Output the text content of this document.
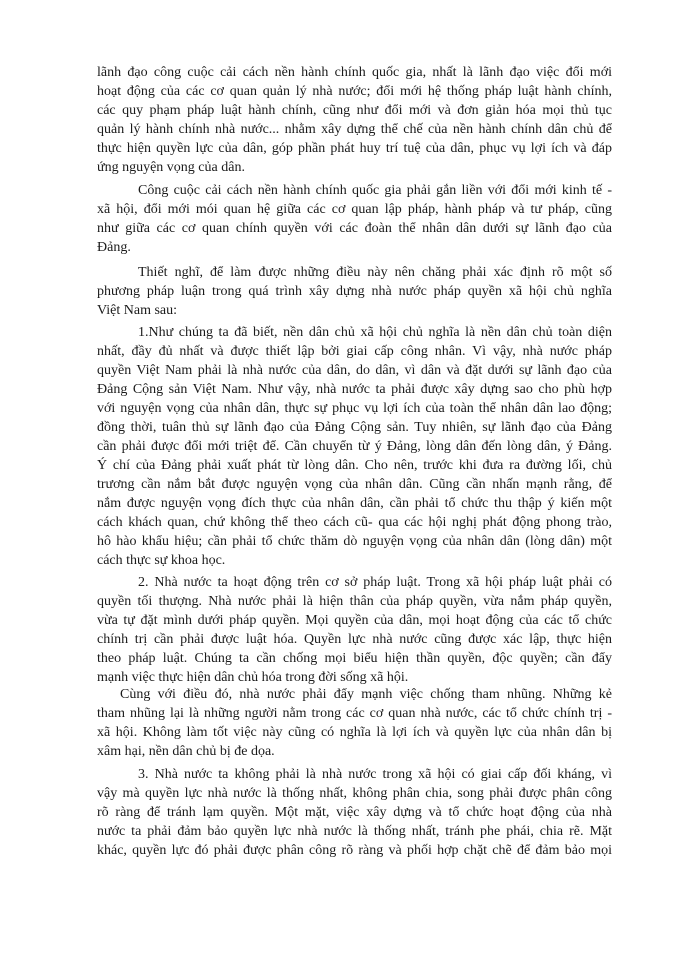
lãnh đạo công cuộc cải cách nền hành chính quốc gia, nhất là lãnh đạo việc đổi mới
hoạt động của các cơ quan quản lý nhà nước; đổi mới hệ thống pháp luật hành chính,
các quy phạm pháp luật hành chính, cũng như đổi mới và đơn giản hóa mọi thủ tục
quản lý hành chính nhà nước... nhằm xây dựng thể chế của nền hành chính dân chủ để
thực hiện quyền lực của dân, góp phần phát huy trí tuệ của dân, phục vụ lợi ích và đáp
ứng nguyện vọng của dân.
Công cuộc cải cách nền hành chính quốc gia phải gắn liền với đổi mới kinh tế -
xã hội, đổi mới mói quan hệ giữa các cơ quan lập pháp, hành pháp và tư pháp, cũng
như giữa các cơ quan chính quyền với các đoàn thể nhân dân dưới sự lãnh đạo của
Đảng.
Thiết nghĩ, để làm được những điều này nên chăng phải xác định rõ một số
phương pháp luận trong quá trình xây dựng nhà nước pháp quyền xã hội chủ nghĩa
Việt Nam sau:
1.Như chúng ta đã biết, nền dân chủ xã hội chủ nghĩa là nền dân chủ toàn diện
nhất, đầy đủ nhất và được thiết lập bởi giai cấp công nhân. Vì vậy, nhà nước pháp
quyền Việt Nam phải là nhà nước của dân, do dân, vì dân và đặt dưới sự lãnh đạo của
Đảng Cộng sản Việt Nam. Như vậy, nhà nước ta phải được xây dựng sao cho phù hợp
với nguyện vọng của nhân dân, thực sự phục vụ lợi ích của toàn thể nhân dân lao động;
đồng thời, tuân thủ sự lãnh đạo của Đảng Cộng sản. Tuy nhiên, sự lãnh đạo của Đảng
cần phải được đổi mới triệt để. Cần chuyển từ ý Đảng, lòng dân đến lòng dân, ý Đảng.
Ý chí của Đảng phải xuất phát từ lòng dân. Cho nên, trước khi đưa ra đường lối, chủ
trương cần nắm bắt được nguyện vọng của nhân dân. Cũng cần nhấn mạnh rằng, để
nắm được nguyện vọng đích thực của nhân dân, cần phải tổ chức thu thập ý kiến một
cách khách quan, chứ không thể theo cách cũ- qua các hội nghị phát động phong trào,
hô hào khẩu hiệu; cần phải tổ chức thăm dò nguyện vọng của nhân dân (lòng dân) một
cách thực sự khoa học.
2. Nhà nước ta hoạt động trên cơ sở pháp luật. Trong xã hội pháp luật phải có
quyền tối thượng. Nhà nước phải là hiện thân của pháp quyền, vừa nắm pháp quyền,
vừa tự đặt mình dưới pháp quyền. Mọi quyền của dân, mọi hoạt động của các tổ chức
chính trị cần phải được luật hóa. Quyền lực nhà nước cũng được xác lập, thực hiện
theo pháp luật. Chúng ta cần chống mọi biểu hiện thần quyền, độc quyền; cần đẩy
mạnh việc thực hiện dân chủ hóa trong đời sống xã hội.
Cùng với điều đó, nhà nước phải đẩy mạnh việc chống tham nhũng. Những kẻ
tham nhũng lại là những người nằm trong các cơ quan nhà nước, các tổ chức chính trị -
xã hội. Không làm tốt việc này cũng có nghĩa là lợi ích và quyền lực của nhân dân bị
xâm hại, nền dân chủ bị đe dọa.
3. Nhà nước ta không phải là nhà nước trong xã hội có giai cấp đối kháng, vì
vậy mà quyền lực nhà nước là thống nhất, không phân chia, song phải được phân công
rõ ràng để tránh lạm quyền. Một mặt, việc xây dựng và tổ chức hoạt động của nhà
nước ta phải đảm bảo quyền lực nhà nước là thống nhất, tránh phe phái, chia rẽ. Mặt
khác, quyền lực đó phải được phân công rõ ràng và phối hợp chặt chẽ để đảm bảo mọi
